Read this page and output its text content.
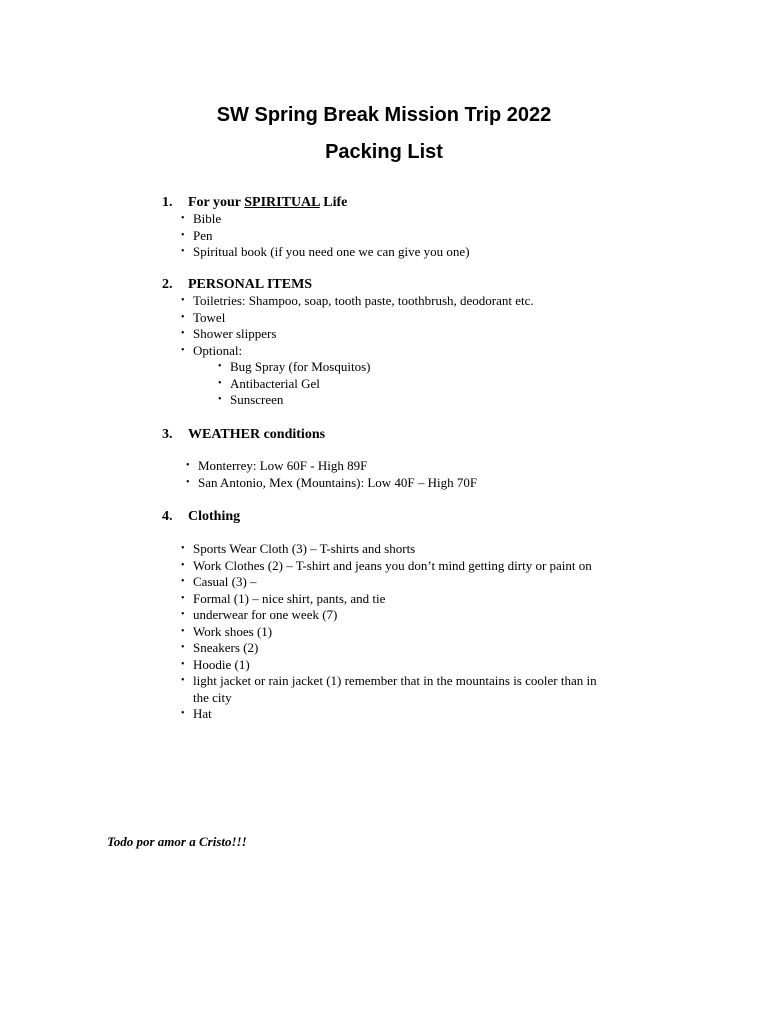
SW Spring Break Mission Trip 2022
Packing List
1. For your SPIRITUAL Life
• Bible
• Pen
• Spiritual book (if you need one we can give you one)
2. PERSONAL ITEMS
• Toiletries: Shampoo, soap, tooth paste, toothbrush, deodorant etc.
• Towel
• Shower slippers
• Optional:
• Bug Spray (for Mosquitos)
• Antibacterial Gel
• Sunscreen
3. WEATHER conditions
• Monterrey: Low 60F - High 89F
• San Antonio, Mex (Mountains): Low 40F – High 70F
4. Clothing
• Sports Wear Cloth (3) – T-shirts and shorts
• Work Clothes (2) – T-shirt and jeans you don’t mind getting dirty or paint on
• Casual (3) –
• Formal (1) – nice shirt, pants, and tie
• underwear for one week (7)
• Work shoes (1)
• Sneakers (2)
• Hoodie (1)
• light jacket or rain jacket (1) remember that in the mountains is cooler than in the city
• Hat
Todo por amor a Cristo!!!
